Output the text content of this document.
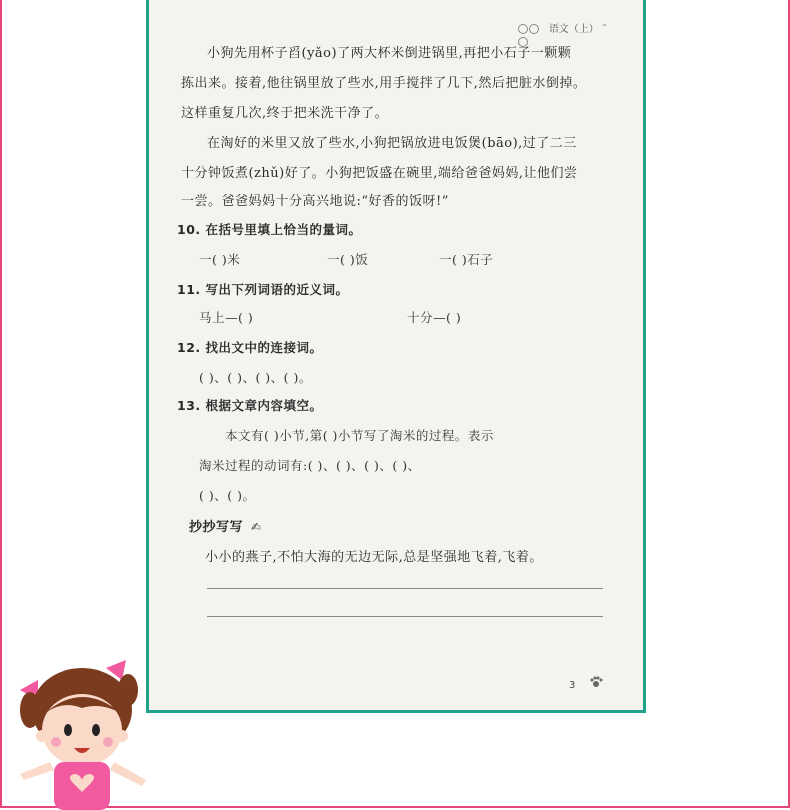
语文（上） ˜
小狗先用杯子舀(yǎo)了两大杯米倒进锅里,再把小石子一颗颗
拣出来。接着,他往锅里放了些水,用手搅拌了几下,然后把脏水倒掉。
这样重复几次,终于把米洗干净了。
在淘好的米里又放了些水,小狗把锅放进电饭煲(bāo),过了二三
十分钟饭煮(zhǔ)好了。小狗把饭盛在碗里,端给爸爸妈妈,让他们尝
一尝。爸爸妈妈十分高兴地说:“好香的饭呀!”
10. 在括号里填上恰当的量词。
一( )米	一( )饭	一( )石子
11. 写出下列词语的近义词。
马上—( )	十分—( )
12. 找出文中的连接词。
( )、( )、( )、( )。
13. 根据文章内容填空。
本文有( )小节,第( )小节写了淘米的过程。表示
淘米过程的动词有:( )、( )、( )、( )、
( )、( )。
抄抄写写 ✍
小小的燕子,不怕大海的无边无际,总是坚强地飞着,飞着。
3
